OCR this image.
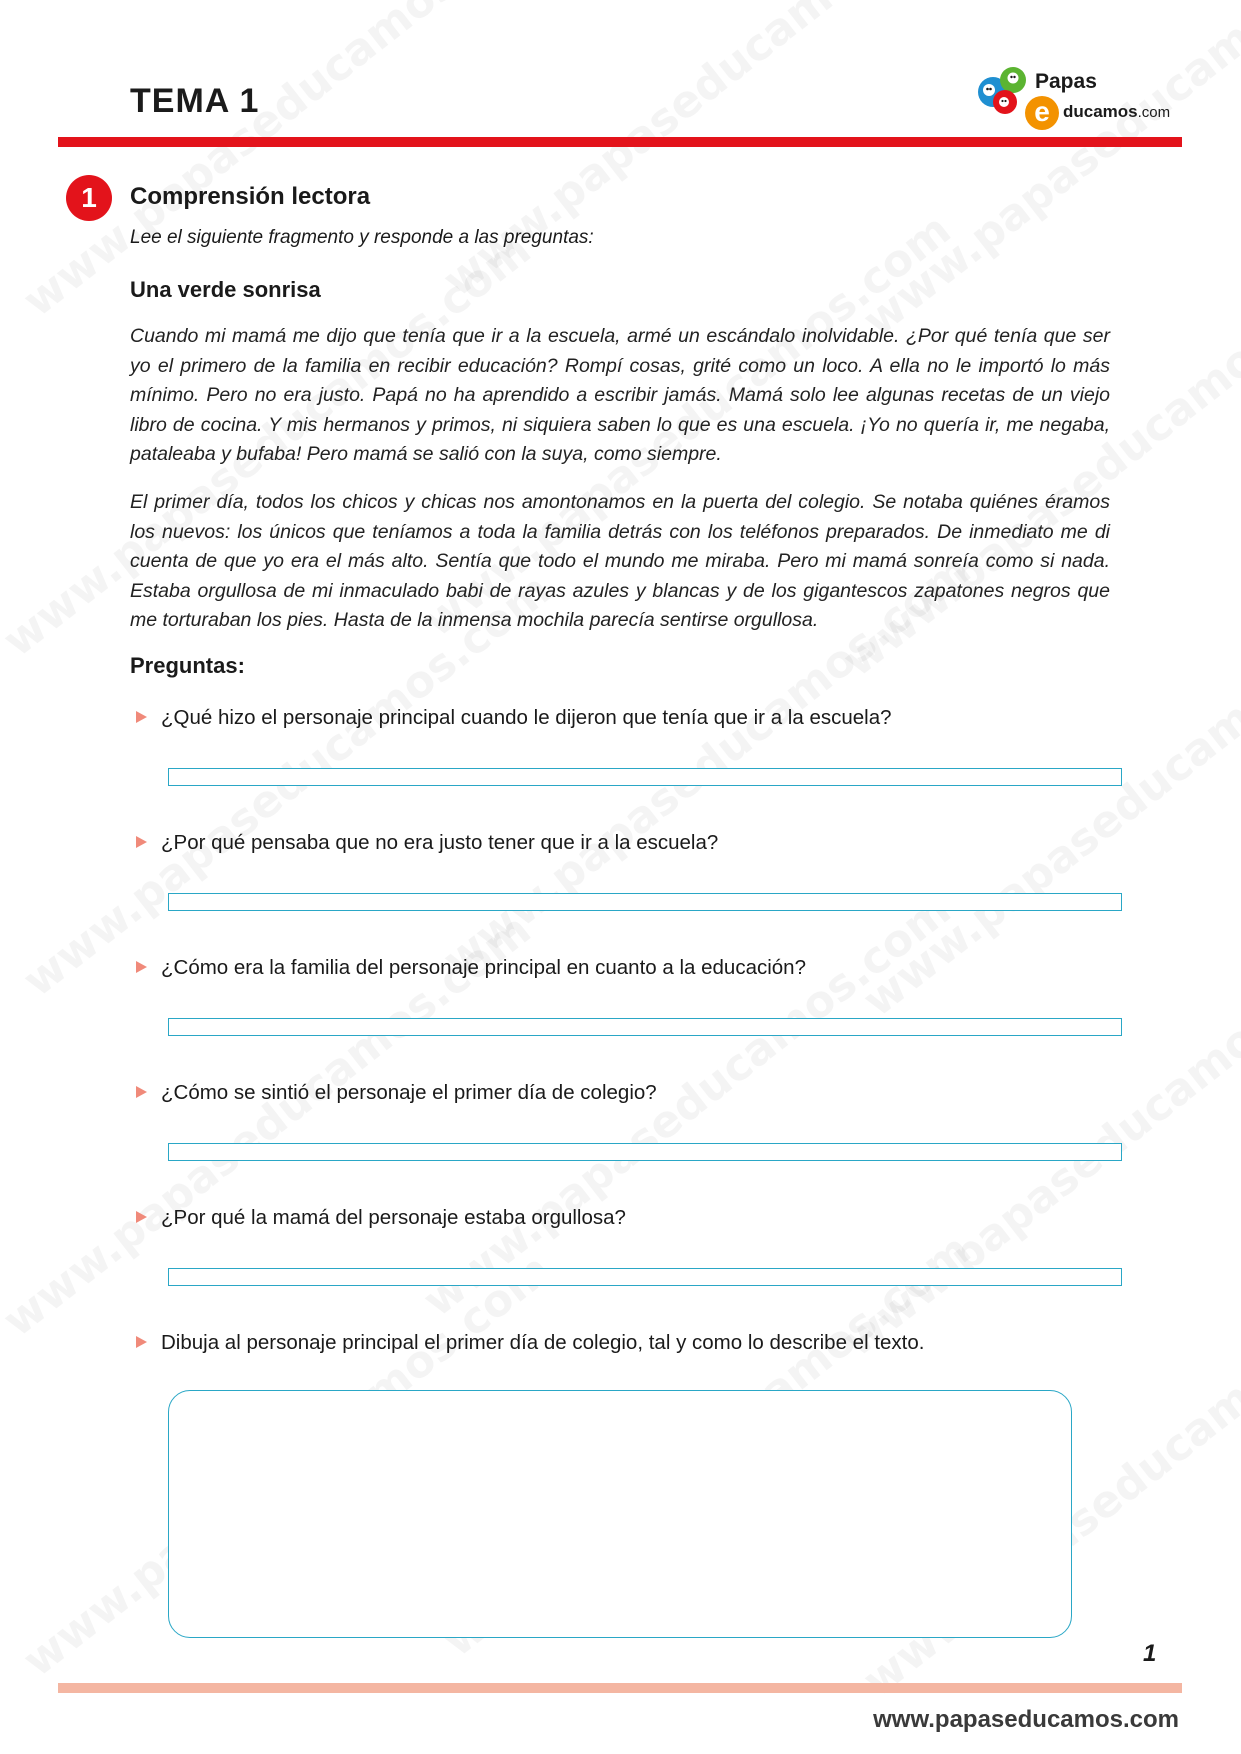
TEMA 1	e
Papas
ducamos.com
1	Comprensión lectora

Lee el siguiente fragmento y responde a las preguntas:

Una verde sonrisa

Cuando mi mamá me dijo que tenía que ir a la escuela, armé un escándalo inolvidable. ¿Por qué tenía que ser yo el primero de la familia en recibir educación? Rompí cosas, grité como un loco. A ella no le importó lo más mínimo. Pero no era justo. Papá no ha aprendido a escribir jamás. Mamá solo lee algunas recetas de un viejo libro de cocina. Y mis hermanos y primos, ni siquiera saben lo que es una escuela. ¡Yo no quería ir, me negaba, pataleaba y bufaba! Pero mamá se salió con la suya, como siempre.

El primer día, todos los chicos y chicas nos amontonamos en la puerta del colegio. Se notaba quiénes éramos los nuevos: los únicos que teníamos a toda la familia detrás con los teléfonos preparados. De inmediato me di cuenta de que yo era el más alto. Sentía que todo el mundo me miraba. Pero mi mamá sonreía como si nada. Estaba orgullosa de mi inmaculado babi de rayas azules y blancas y de los gigantescos zapatones negros que me torturaban los pies. Hasta de la inmensa mochila parecía sentirse orgullosa.

Preguntas:

¿Qué hizo el personaje principal cuando le dijeron que tenía que ir a la escuela?

¿Por qué pensaba que no era justo tener que ir a la escuela?

¿Cómo era la familia del personaje principal en cuanto a la educación?

¿Cómo se sintió el personaje el primer día de colegio?

¿Por qué la mamá del personaje estaba orgullosa?

Dibuja al personaje principal el primer día de colegio, tal y como lo describe el texto.

1

www.papaseducamos.com
